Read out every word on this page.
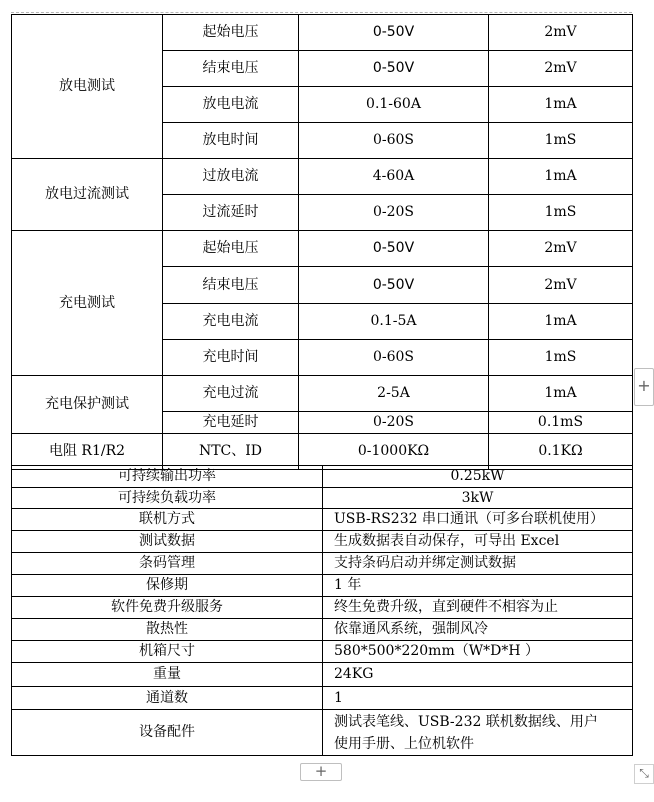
放电测试	起始电压	0-50V	2mV
	结束电压	0-50V	2mV
	放电电流	0.1-60A	1mA
	放电时间	0-60S	1mS
放电过流测试	过放电流	4-60A	1mA
	过流延时	0-20S	1mS
充电测试	起始电压	0-50V	2mV
	结束电压	0-50V	2mV
	充电电流	0.1-5A	1mA
	充电时间	0-60S	1mS
充电保护测试	充电过流	2-5A	1mA
	充电延时	0-20S	0.1mS
电阻 R1/R2	NTC、ID	0-1000KΩ	0.1KΩ
可持续输出功率	0.25kW
可持续负载功率	3kW
联机方式	USB-RS232 串口通讯（可多台联机使用）
测试数据	生成数据表自动保存，可导出 Excel
条码管理	支持条码启动并绑定测试数据
保修期	1 年
软件免费升级服务	终生免费升级，直到硬件不相容为止
散热性	依靠通风系统，强制风冷
机箱尺寸	580*500*220mm（W*D*H ）
重量	24KG
通道数	1
设备配件	测试表笔线、USB-232 联机数据线、用户
使用手册、上位机软件
+
+	⤡
